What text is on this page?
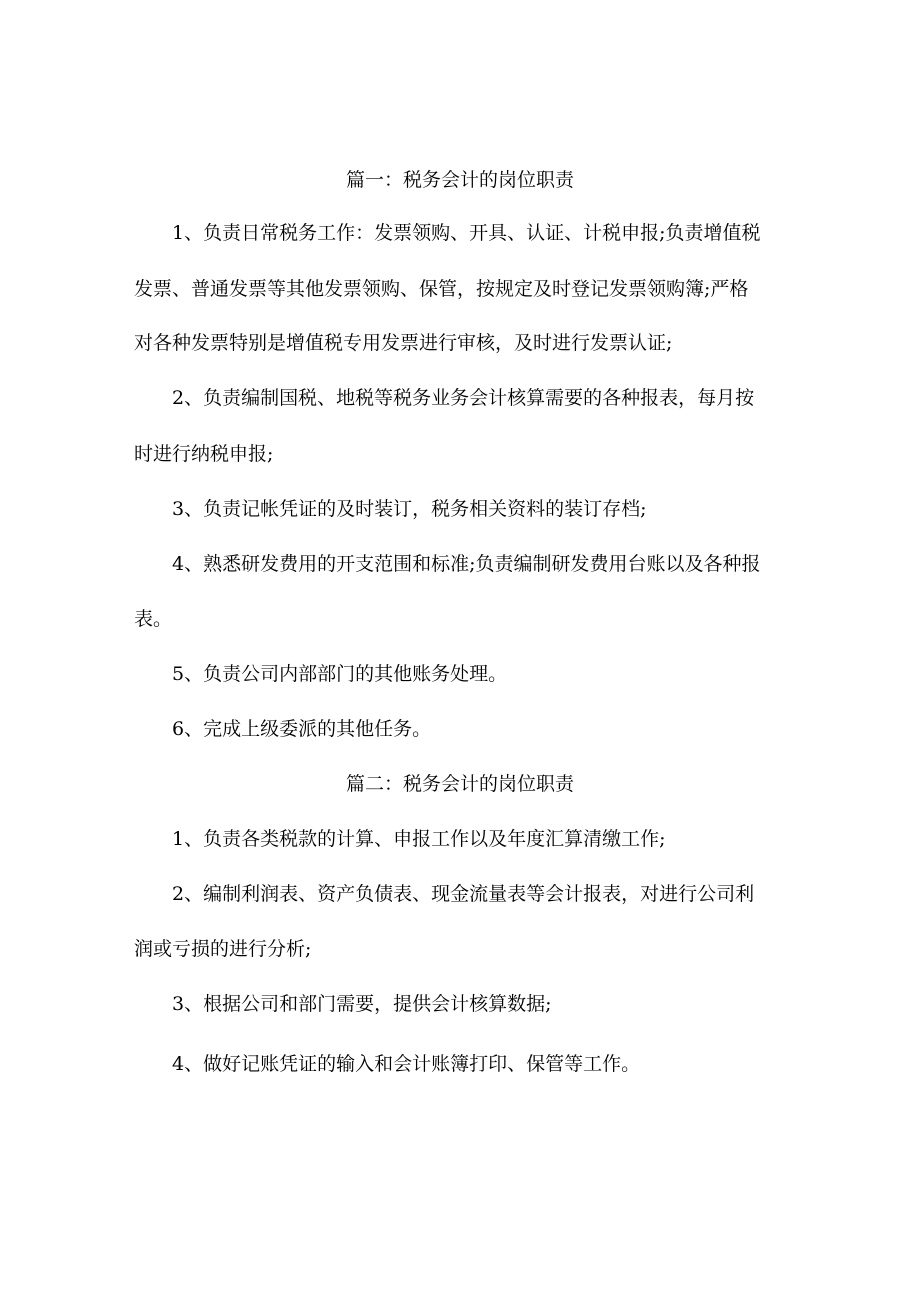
篇一：税务会计的岗位职责
1、负责日常税务工作：发票领购、开具、认证、计税申报;负责增值税
发票、普通发票等其他发票领购、保管，按规定及时登记发票领购簿;严格
对各种发票特别是增值税专用发票进行审核，及时进行发票认证;
2、负责编制国税、地税等税务业务会计核算需要的各种报表，每月按
时进行纳税申报;
3、负责记帐凭证的及时装订，税务相关资料的装订存档;
4、熟悉研发费用的开支范围和标准;负责编制研发费用台账以及各种报
表。
5、负责公司内部部门的其他账务处理。
6、完成上级委派的其他任务。
篇二：税务会计的岗位职责
1、负责各类税款的计算、申报工作以及年度汇算清缴工作;
2、编制利润表、资产负债表、现金流量表等会计报表，对进行公司利
润或亏损的进行分析;
3、根据公司和部门需要，提供会计核算数据;
4、做好记账凭证的输入和会计账簿打印、保管等工作。
